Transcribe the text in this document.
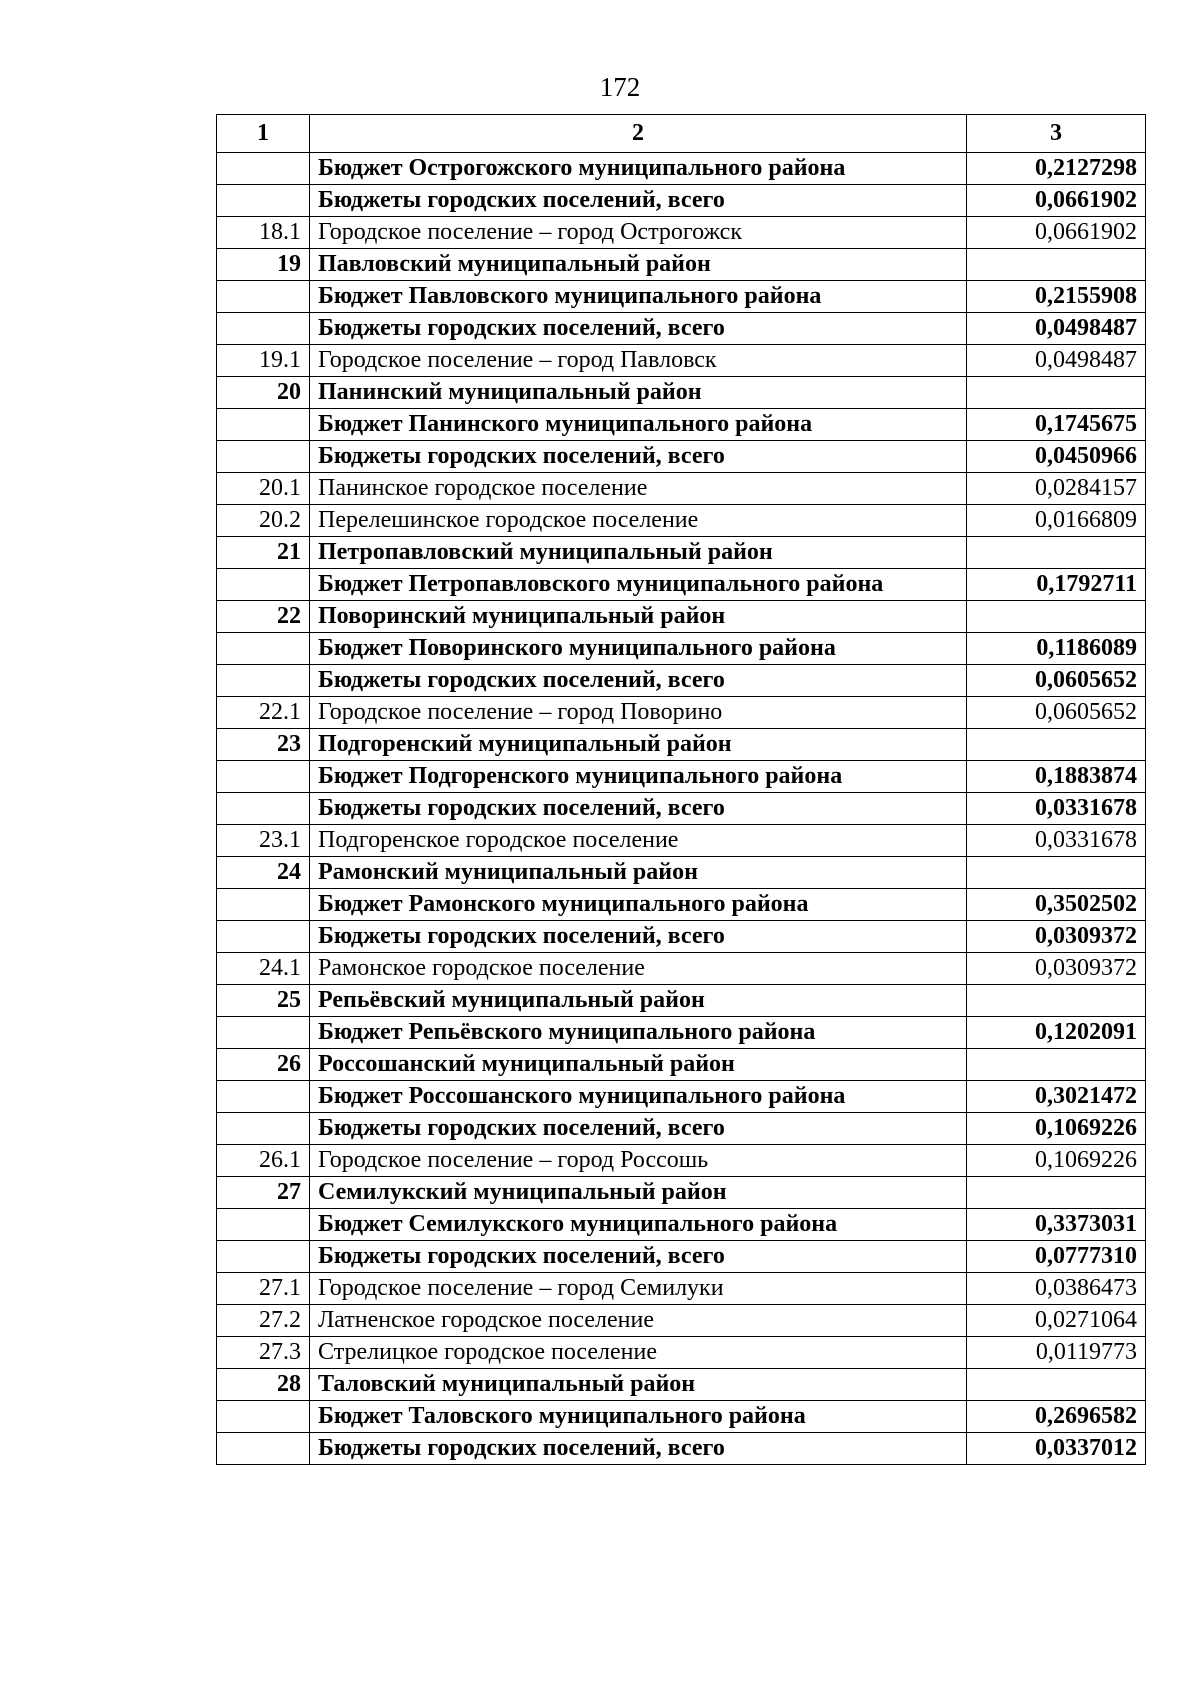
172
1	2	3
	Бюджет Острогожского муниципального района	0,2127298
	Бюджеты городских поселений, всего	0,0661902
18.1	Городское поселение – город Острогожск	0,0661902
19	Павловский муниципальный район	
	Бюджет Павловского муниципального района	0,2155908
	Бюджеты городских поселений, всего	0,0498487
19.1	Городское поселение – город Павловск	0,0498487
20	Панинский муниципальный район	
	Бюджет Панинского муниципального района	0,1745675
	Бюджеты городских поселений, всего	0,0450966
20.1	Панинское городское поселение	0,0284157
20.2	Перелешинское городское поселение	0,0166809
21	Петропавловский муниципальный район	
	Бюджет Петропавловского муниципального района	0,1792711
22	Поворинский муниципальный район	
	Бюджет Поворинского муниципального района	0,1186089
	Бюджеты городских поселений, всего	0,0605652
22.1	Городское поселение – город Поворино	0,0605652
23	Подгоренский муниципальный район	
	Бюджет Подгоренского муниципального района	0,1883874
	Бюджеты городских поселений, всего	0,0331678
23.1	Подгоренское городское поселение	0,0331678
24	Рамонский муниципальный район	
	Бюджет Рамонского муниципального района	0,3502502
	Бюджеты городских поселений, всего	0,0309372
24.1	Рамонское городское поселение	0,0309372
25	Репьёвский муниципальный район	
	Бюджет Репьёвского муниципального района	0,1202091
26	Россошанский муниципальный район	
	Бюджет Россошанского муниципального района	0,3021472
	Бюджеты городских поселений, всего	0,1069226
26.1	Городское поселение – город Россошь	0,1069226
27	Семилукский муниципальный район	
	Бюджет Семилукского муниципального района	0,3373031
	Бюджеты городских поселений, всего	0,0777310
27.1	Городское поселение – город Семилуки	0,0386473
27.2	Латненское городское поселение	0,0271064
27.3	Стрелицкое городское поселение	0,0119773
28	Таловский муниципальный район	
	Бюджет Таловского муниципального района	0,2696582
	Бюджеты городских поселений, всего	0,0337012
